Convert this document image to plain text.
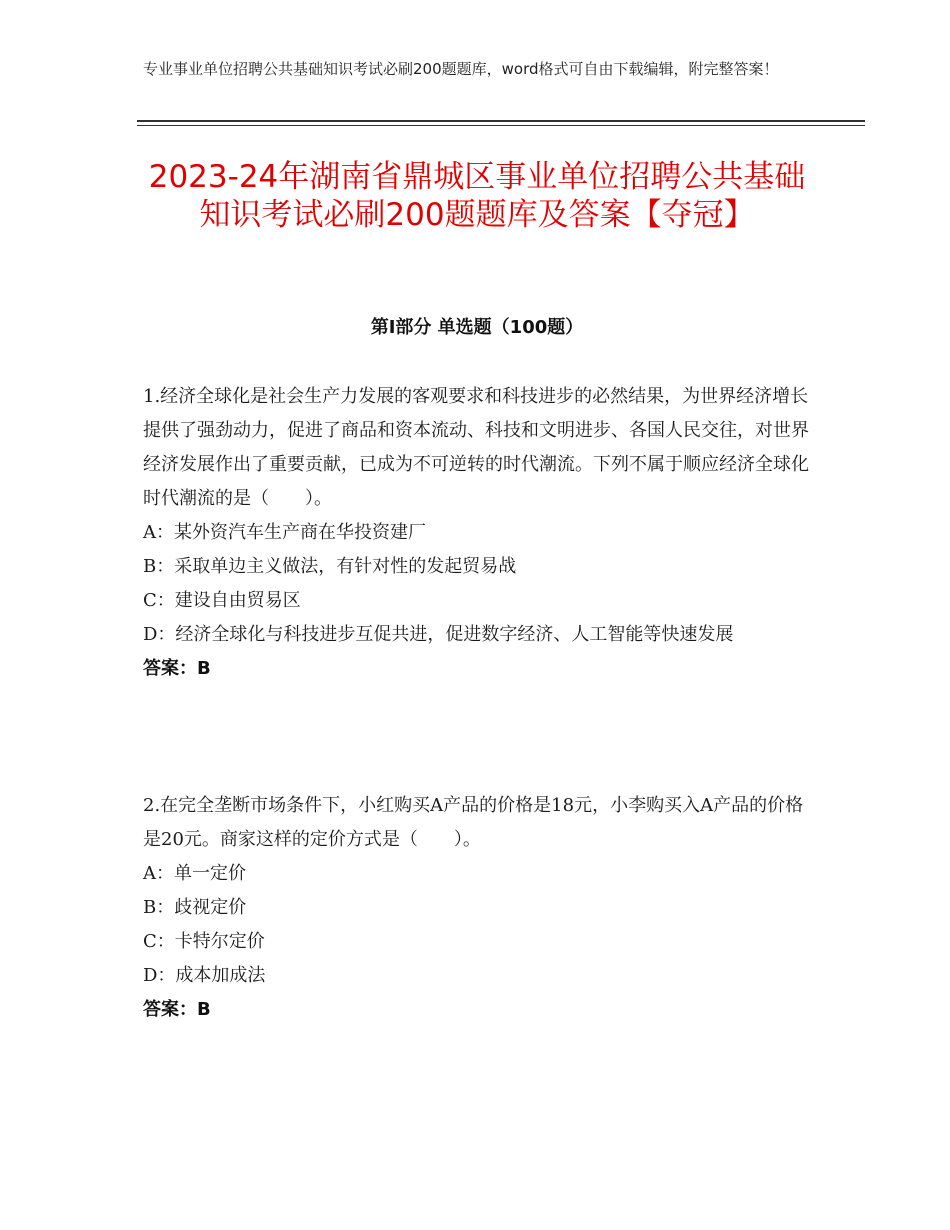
专业事业单位招聘公共基础知识考试必刷200题题库，word格式可自由下载编辑，附完整答案！
2023-24年湖南省鼎城区事业单位招聘公共基础知识考试必刷200题题库及答案【夺冠】
第Ⅰ部分 单选题（100题）

1.经济全球化是社会生产力发展的客观要求和科技进步的必然结果，为世界经济增长提供了强劲动力，促进了商品和资本流动、科技和文明进步、各国人民交往，对世界经济发展作出了重要贡献，已成为不可逆转的时代潮流。下列不属于顺应经济全球化时代潮流的是（　　）。

A：某外资汽车生产商在华投资建厂

B：采取单边主义做法，有针对性的发起贸易战

C：建设自由贸易区

D：经济全球化与科技进步互促共进，促进数字经济、人工智能等快速发展

答案：B

2.在完全垄断市场条件下，小红购买A产品的价格是18元，小李购买入A产品的价格是20元。商家这样的定价方式是（　　）。

A：单一定价

B：歧视定价

C：卡特尔定价

D：成本加成法

答案：B
